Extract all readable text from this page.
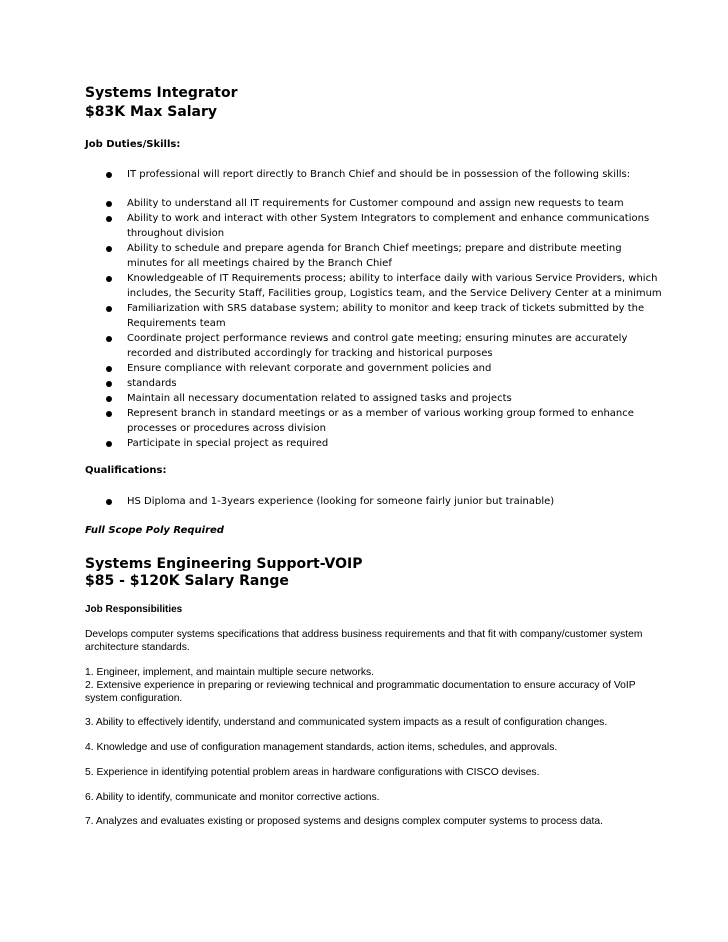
Systems Integrator
$83K Max Salary
Job Duties/Skills:
IT professional will report directly to Branch Chief and should be in possession of the following skills:
Ability to understand all IT requirements for Customer compound and assign new requests to team
Ability to work and interact with other System Integrators to complement and enhance communications
throughout division
Ability to schedule and prepare agenda for Branch Chief meetings; prepare and distribute meeting
minutes for all meetings chaired by the Branch Chief
Knowledgeable of IT Requirements process; ability to interface daily with various Service Providers, which
includes, the Security Staff, Facilities group, Logistics team, and the Service Delivery Center at a minimum
Familiarization with SRS database system; ability to monitor and keep track of tickets submitted by the
Requirements team
Coordinate project performance reviews and control gate meeting; ensuring minutes are accurately
recorded and distributed accordingly for tracking and historical purposes
Ensure compliance with relevant corporate and government policies and
standards
Maintain all necessary documentation related to assigned tasks and projects
Represent branch in standard meetings or as a member of various working group formed to enhance
processes or procedures across division
Participate in special project as required
Qualifications:
HS Diploma and 1-3years experience (looking for someone fairly junior but trainable)
Full Scope Poly Required
Systems Engineering Support-VOIP
$85 - $120K Salary Range
Job Responsibilities
Develops computer systems specifications that address business requirements and that fit with company/customer system
architecture standards.
1. Engineer, implement, and maintain multiple secure networks.
2. Extensive experience in preparing or reviewing technical and programmatic documentation to ensure accuracy of VoIP
system configuration.
3. Ability to effectively identify, understand and communicated system impacts as a result of configuration changes.
4. Knowledge and use of configuration management standards, action items, schedules, and approvals.
5. Experience in identifying potential problem areas in hardware configurations with CISCO devises.
6. Ability to identify, communicate and monitor corrective actions.
7. Analyzes and evaluates existing or proposed systems and designs complex computer systems to process data.
